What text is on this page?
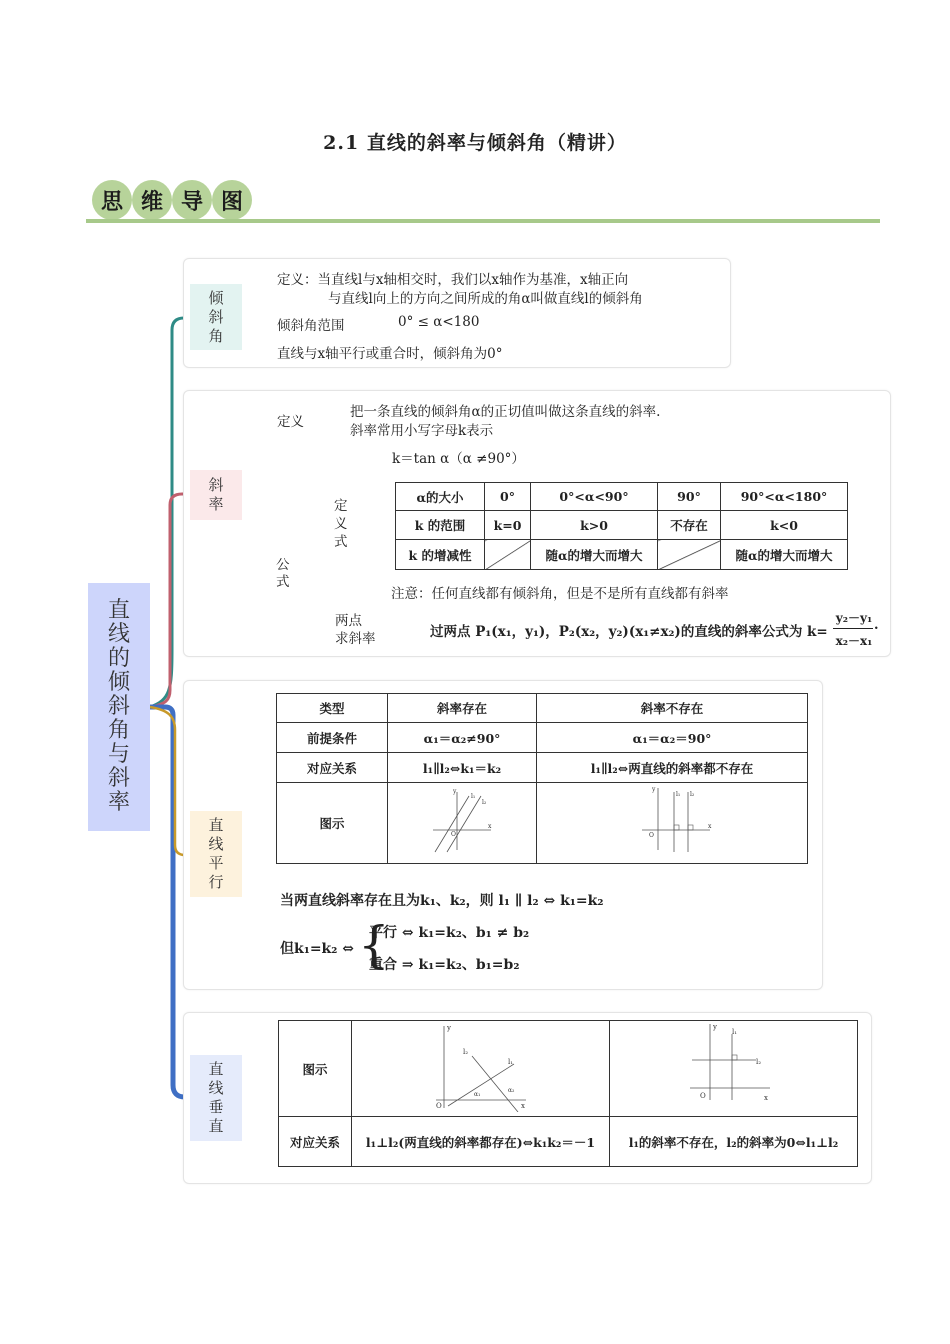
2.1 直线的斜率与倾斜角（精讲）
思 维 导 图
直
线
的
倾
斜
角
与
斜
率
倾
斜
角
定义：当直线l与x轴相交时，我们以x轴作为基准，x轴正向
与直线l向上的方向之间所成的角α叫做直线l的倾斜角
倾斜角范围	0° ≤ α<180
直线与x轴平行或重合时，倾斜角为0°
斜
率
定义
把一条直线的倾斜角α的正切值叫做这条直线的斜率.
斜率常用小写字母k表示
公
式
定
义
式
k＝tan α（α ≠90°）
α的大小	0°	0°<α<90°	90°	90°<α<180°
k 的范围	k=0	k>0	不存在	k<0
k 的增减性		随α的增大而增大		随α的增大而增大
注意：任何直线都有倾斜角，但是不是所有直线都有斜率
两点
求斜率	过两点 P₁(x₁，y₁)，P₂(x₂，y₂)(x₁≠x₂)的直线的斜率公式为 k=
y₂－y₁
x₂－x₁
.
直
线
平
行
类型	斜率存在	斜率不存在
前提条件	α₁＝α₂≠90°	α₁＝α₂＝90°
对应关系	l₁∥l₂⇔k₁＝k₂	l₁∥l₂⇔两直线的斜率都不存在
图示		
y
x
O
l₁
l₂
y
x
O
l₁ l₂
当两直线斜率存在且为k₁、k₂，则 l₁ ∥ l₂ ⇔ k₁=k₂
但k₁=k₂ ⇔ {
平行 ⇔ k₁=k₂、b₁ ≠ b₂
重合 ⇒ k₁=k₂、b₁=b₂
直
线
垂
直
图示		
对应关系	l₁⊥l₂(两直线的斜率都存在)⇔k₁k₂＝－1	l₁的斜率不存在，l₂的斜率为0⇔l₁⊥l₂
y
x
O
l₁
l₂
α₁
α₂
y
x
O
l₁
l₂
